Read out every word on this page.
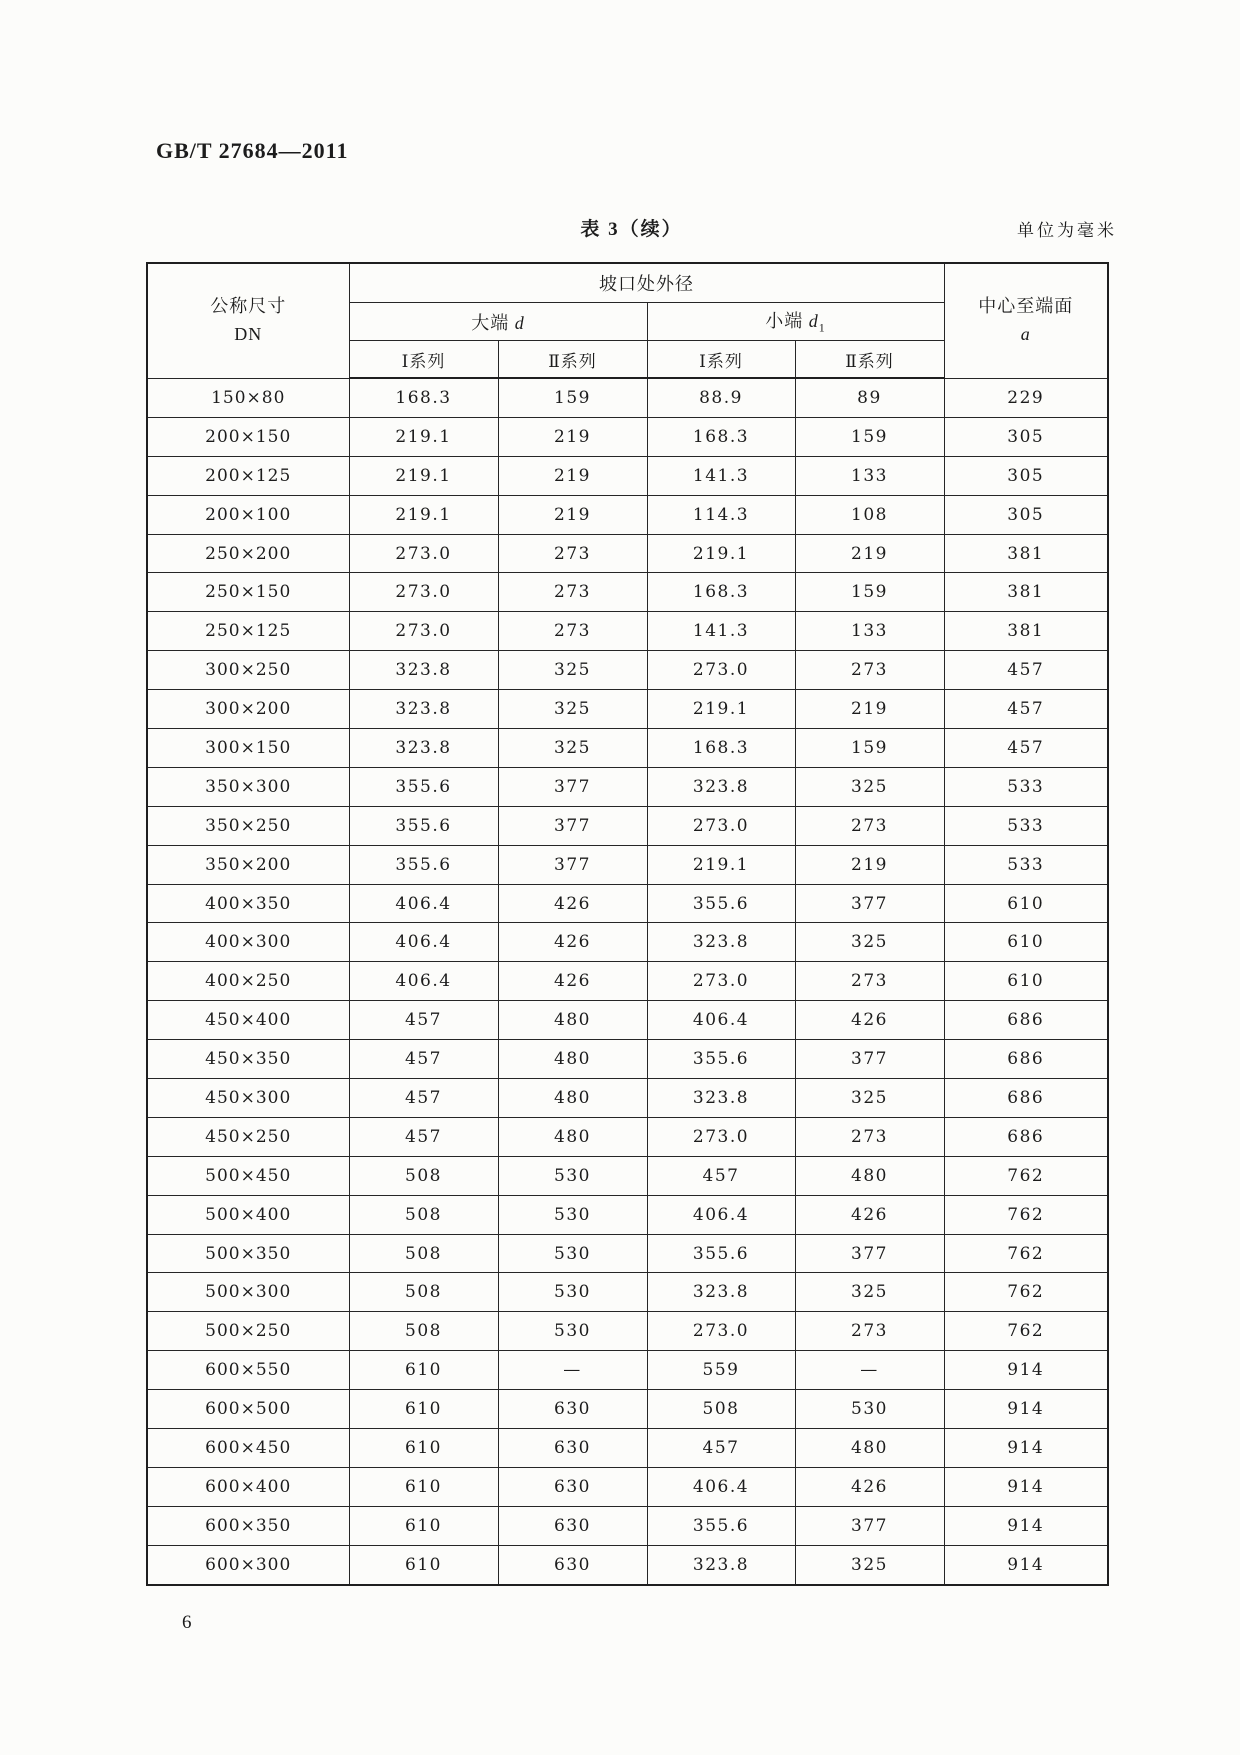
GB/T 27684—2011
表 3（续）	单位为毫米
公称尺寸
DN
	坡口处外径	
中心至端面
a

	大端 d		小端 $d_1$
	Ⅰ系列	Ⅱ系列	Ⅰ系列	Ⅱ系列	
150×80	168.3	159	88.9	89	229
200×150	219.1	219	168.3	159	305
200×125	219.1	219	141.3	133	305
200×100	219.1	219	114.3	108	305
250×200	273.0	273	219.1	219	381
250×150	273.0	273	168.3	159	381
250×125	273.0	273	141.3	133	381
300×250	323.8	325	273.0	273	457
300×200	323.8	325	219.1	219	457
300×150	323.8	325	168.3	159	457
350×300	355.6	377	323.8	325	533
350×250	355.6	377	273.0	273	533
350×200	355.6	377	219.1	219	533
400×350	406.4	426	355.6	377	610
400×300	406.4	426	323.8	325	610
400×250	406.4	426	273.0	273	610
450×400	457	480	406.4	426	686
450×350	457	480	355.6	377	686
450×300	457	480	323.8	325	686
450×250	457	480	273.0	273	686
500×450	508	530	457	480	762
500×400	508	530	406.4	426	762
500×350	508	530	355.6	377	762
500×300	508	530	323.8	325	762
500×250	508	530	273.0	273	762
600×550	610	—	559	—	914
600×500	610	630	508	530	914
600×450	610	630	457	480	914
600×400	610	630	406.4	426	914
600×350	610	630	355.6	377	914
600×300	610	630	323.8	325	914
6
